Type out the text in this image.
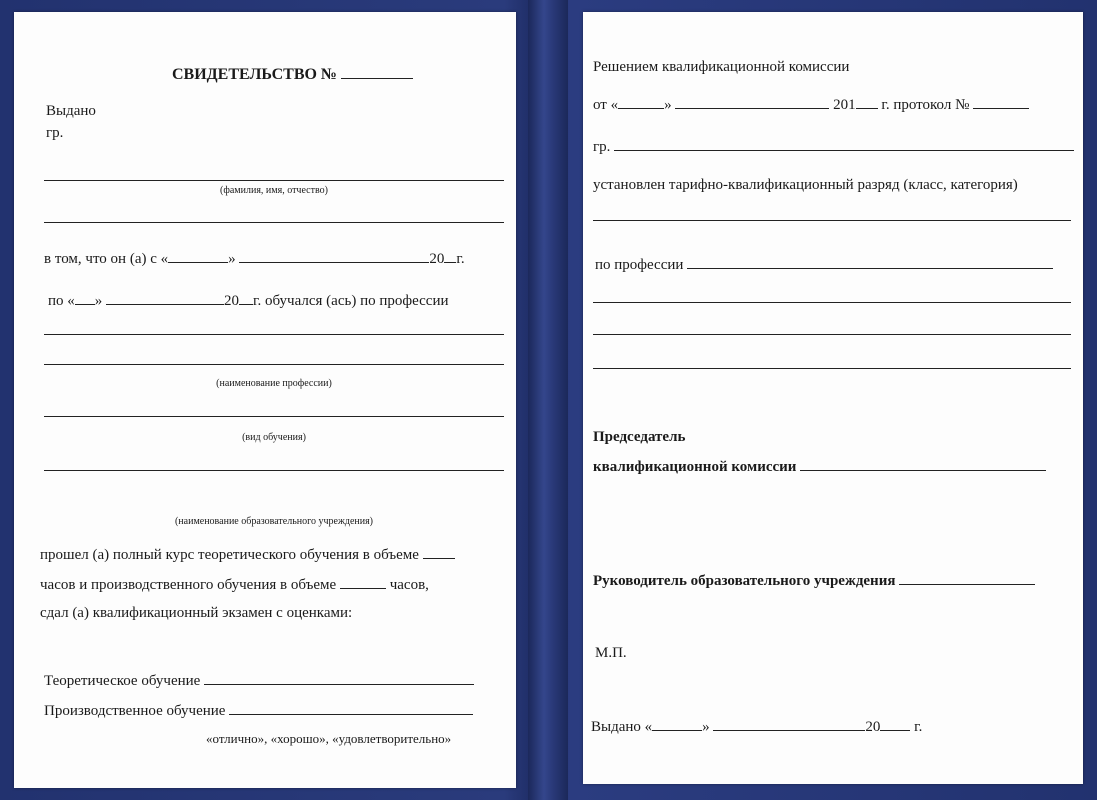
СВИДЕТЕЛЬСТВО №
Выдано
гр.
(фамилия, имя, отчество)
в том, что он (а) с «	»	20 г.
по « »	20 г. обучался (ась) по профессии
(наименование профессии)
(вид обучения)
(наименование образовательного учреждения)
прошел (а) полный курс теоретического обучения в объеме
часов и производственного обучения в объеме	часов,
сдал (а) квалификационный экзамен с оценками:
Теоретическое обучение
Производственное обучение
«отлично», «хорошо», «удовлетворительно»
Решением квалификационной комиссии
от «	»	201 г. протокол №
гр.
установлен тарифно-квалификационный разряд (класс, категория)
по профессии
Председатель
квалификационной комиссии
Руководитель образовательного учреждения
М.П.
Выдано «	»	20 г.
